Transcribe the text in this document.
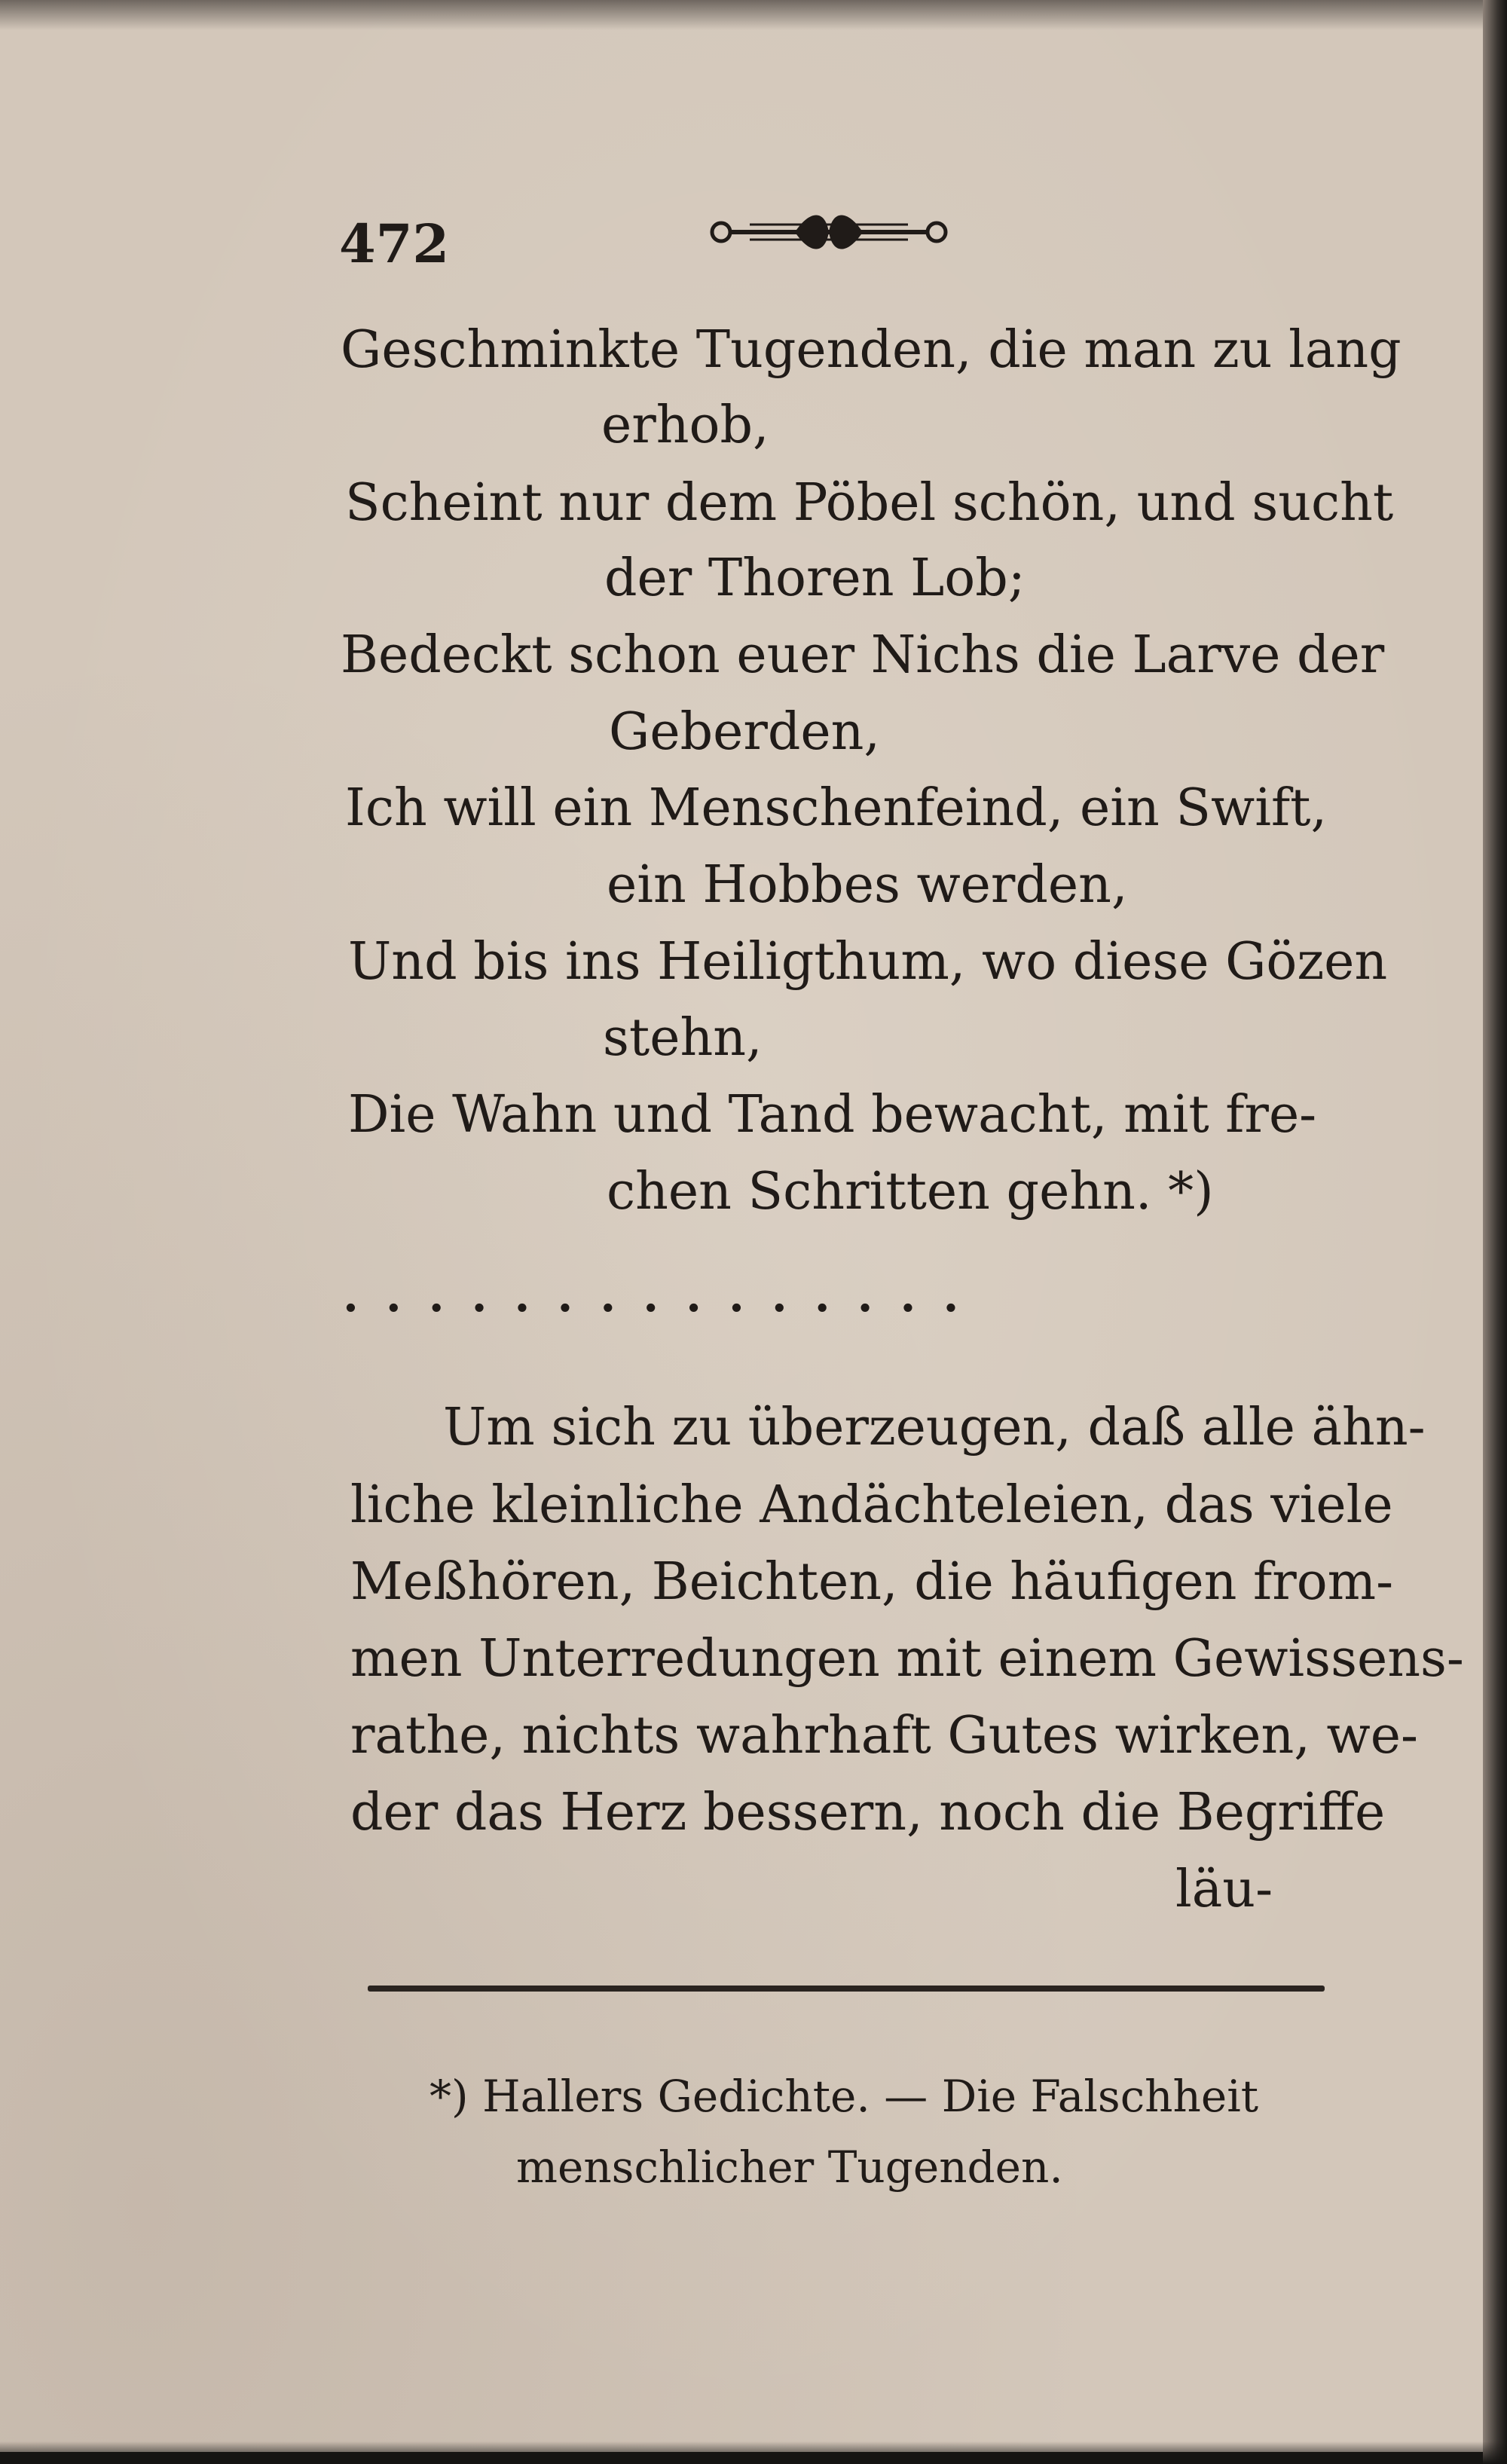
472
Geschminkte Tugenden, die man zu lang
erhob,
Scheint nur dem Pöbel schön, und sucht
der Thoren Lob;
Bedeckt schon euer Nichs die Larve der
Geberden,
Ich will ein Menschenfeind, ein Swift,
ein Hobbes werden,
Und bis ins Heiligthum, wo diese Gözen
stehn,
Die Wahn und Tand bewacht, mit fre-
chen Schritten gehn. *)
...............
Um sich zu überzeugen, daß alle ähn-
liche kleinliche Andächteleien, das viele
Meßhören, Beichten, die häufigen from-
men Unterredungen mit einem Gewissens-
rathe, nichts wahrhaft Gutes wirken, we-
der das Herz bessern, noch die Begriffe
läu-
*) Hallers Gedichte. — Die Falschheit
menschlicher Tugenden.
